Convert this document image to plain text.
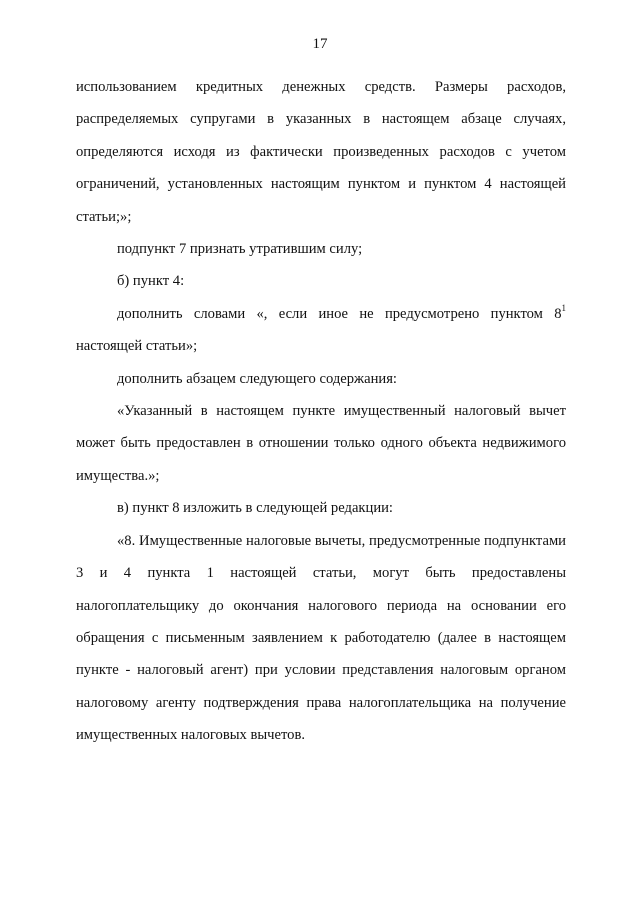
17

использованием кредитных денежных средств. Размеры расходов, распределяемых супругами в указанных в настоящем абзаце случаях, определяются исходя из фактически произведенных расходов с учетом ограничений, установленных настоящим пунктом и пунктом 4 настоящей статьи;»;

подпункт 7 признать утратившим силу;

б) пункт 4:

дополнить словами «, если иное не предусмотрено пунктом $8^1$ настоящей статьи»;

дополнить абзацем следующего содержания:

«Указанный в настоящем пункте имущественный налоговый вычет может быть предоставлен в отношении только одного объекта недвижимого имущества.»;

в) пункт 8 изложить в следующей редакции:

«8. Имущественные налоговые вычеты, предусмотренные подпунктами 3 и 4 пункта 1 настоящей статьи, могут быть предоставлены налогоплательщику до окончания налогового периода на основании его обращения с письменным заявлением к работодателю (далее в настоящем пункте - налоговый агент) при условии представления налоговым органом налоговому агенту подтверждения права налогоплательщика на получение имущественных налоговых вычетов.
